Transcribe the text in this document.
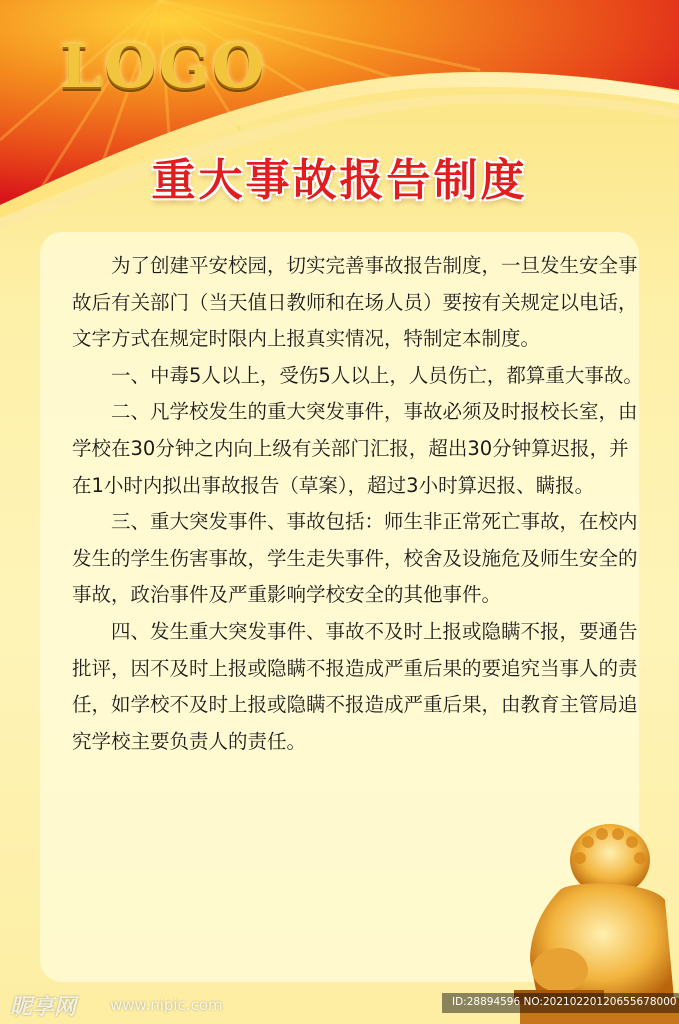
LOGO
重大事故报告制度

为了创建平安校园，切实完善事故报告制度，一旦发生安全事故后有关部门（当天值日教师和在场人员）要按有关规定以电话，文字方式在规定时限内上报真实情况，特制定本制度。

一、中毒5人以上，受伤5人以上，人员伤亡，都算重大事故。

二、凡学校发生的重大突发事件，事故必须及时报校长室，由学校在30分钟之内向上级有关部门汇报，超出30分钟算迟报，并在1小时内拟出事故报告（草案），超过3小时算迟报、瞒报。

三、重大突发事件、事故包括：师生非正常死亡事故，在校内发生的学生伤害事故，学生走失事件，校舍及设施危及师生安全的事故，政治事件及严重影响学校安全的其他事件。

四、发生重大突发事件、事故不及时上报或隐瞒不报，要通告批评，因不及时上报或隐瞒不报造成严重后果的要追究当事人的责任，如学校不及时上报或隐瞒不报造成严重后果，由教育主管局追究学校主要负责人的责任。

昵享网 www.nipic.com	ID:28894596 NO:20210220120655678000
